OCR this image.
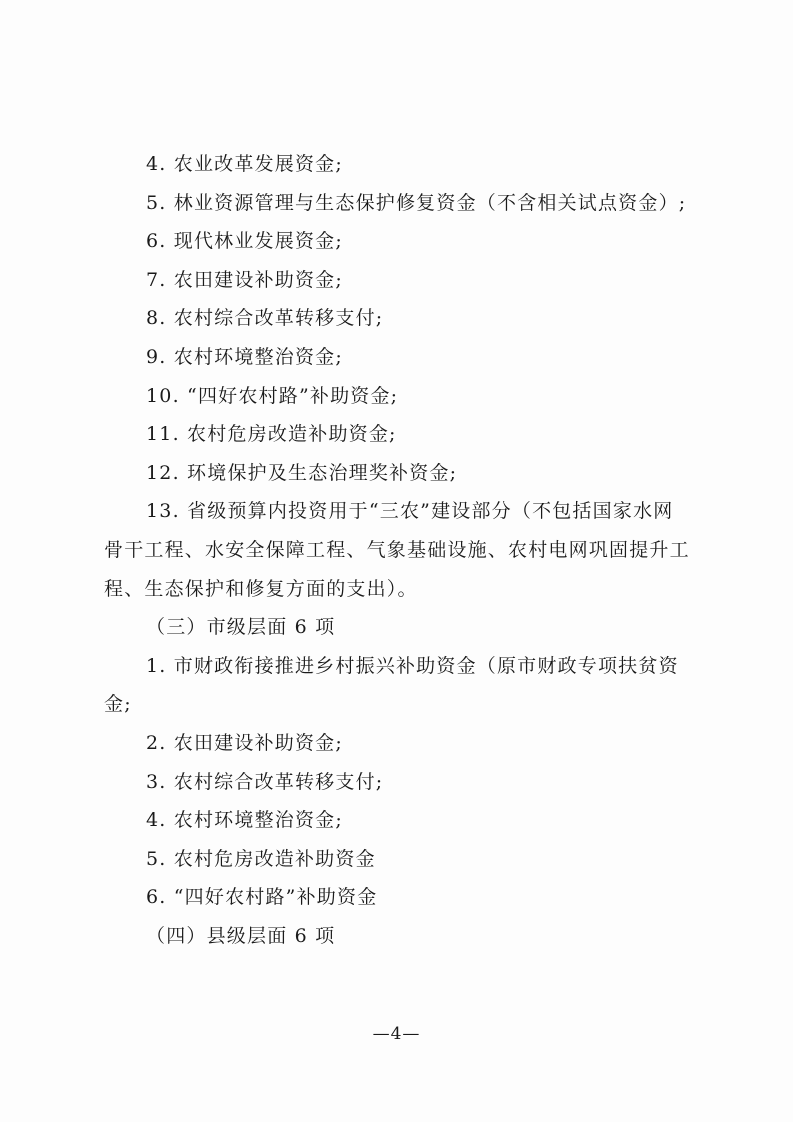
4. 农业改革发展资金;
5. 林业资源管理与生态保护修复资金（不含相关试点资金）;
6. 现代林业发展资金;
7. 农田建设补助资金;
8. 农村综合改革转移支付;
9. 农村环境整治资金;
10. “四好农村路”补助资金;
11. 农村危房改造补助资金;
12. 环境保护及生态治理奖补资金;
13. 省级预算内投资用于“三农”建设部分（不包括国家水网
骨干工程、水安全保障工程、气象基础设施、农村电网巩固提升工
程、生态保护和修复方面的支出）。
（三）市级层面 6 项
1. 市财政衔接推进乡村振兴补助资金（原市财政专项扶贫资
金;
2. 农田建设补助资金;
3. 农村综合改革转移支付;
4. 农村环境整治资金;
5. 农村危房改造补助资金
6. “四好农村路”补助资金
（四）县级层面 6 项
—4—
